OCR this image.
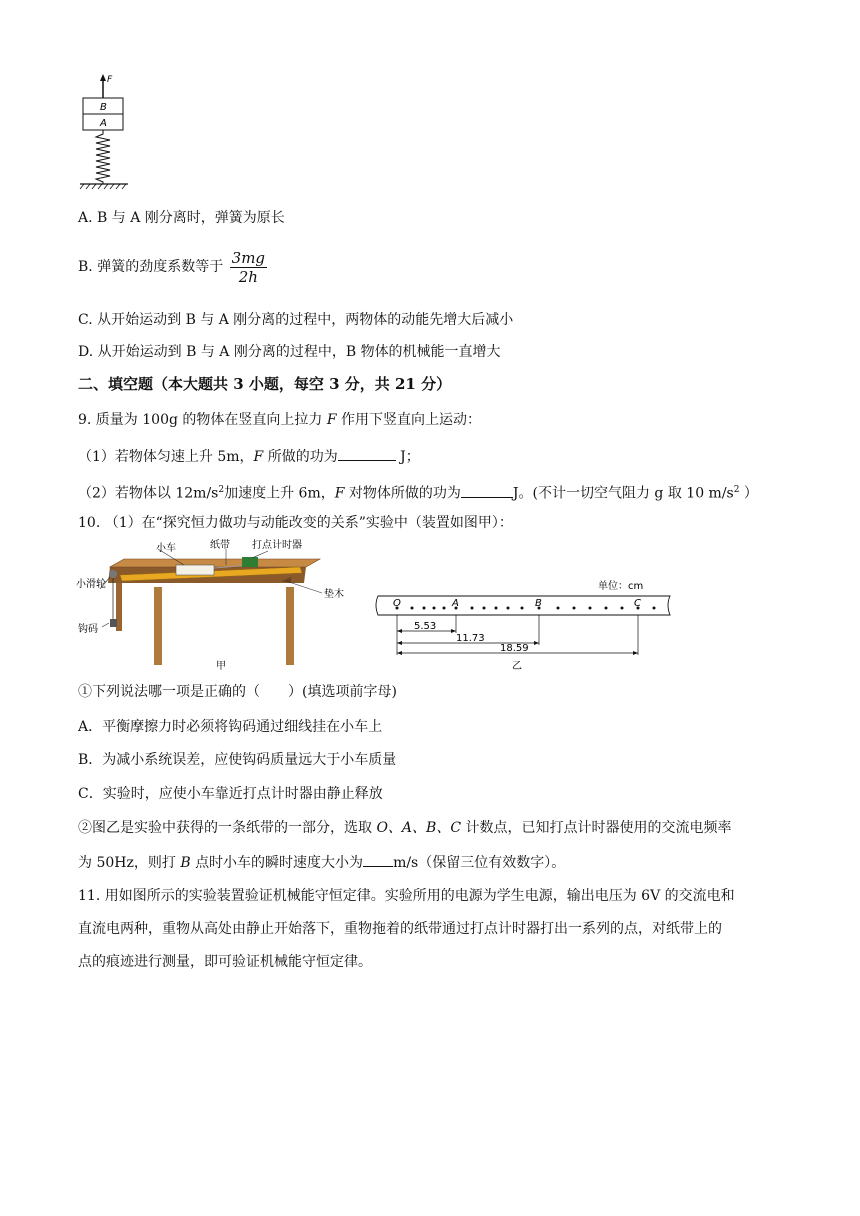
F
B
A
A. B 与 A 刚分离时，弹簧为原长
B. 弹簧的劲度系数等于 $\frac{3mg}{2h}$
C. 从开始运动到 B 与 A 刚分离的过程中，两物体的动能先增大后减小
D. 从开始运动到 B 与 A 刚分离的过程中，B 物体的机械能一直增大
二、填空题（本大题共 3 小题，每空 3 分，共 21 分）
9. 质量为 100g 的物体在竖直向上拉力 F 作用下竖直向上运动：
（1）若物体匀速上升 5m，F 所做的功为	J；
（2）若物体以 $12m/s^2$加速度上升 6m，F 对物体所做的功为	J。(不计一切空气阻力 g 取 10 $m/s^2$ ）
10. （1）在“探究恒力做功与动能改变的关系”实验中（装置如图甲）：
小车	纸带 打点计时器
小滑轮
垫木
钩码
甲
单位：cm
O	A	B	C
5.53
11.73
18.59
乙
①下列说法哪一项是正确的（　　）(填选项前字母)
A．平衡摩擦力时必须将钩码通过细线挂在小车上
B．为减小系统误差，应使钩码质量远大于小车质量
C．实验时，应使小车靠近打点计时器由静止释放
②图乙是实验中获得的一条纸带的一部分，选取 O、A、B、C 计数点，已知打点计时器使用的交流电频率
为 50Hz，则打 B 点时小车的瞬时速度大小为 m/s（保留三位有效数字）。
11. 用如图所示的实验装置验证机械能守恒定律。实验所用的电源为学生电源，输出电压为 6V 的交流电和
直流电两种，重物从高处由静止开始落下，重物拖着的纸带通过打点计时器打出一系列的点，对纸带上的
点的痕迹进行测量，即可验证机械能守恒定律。
